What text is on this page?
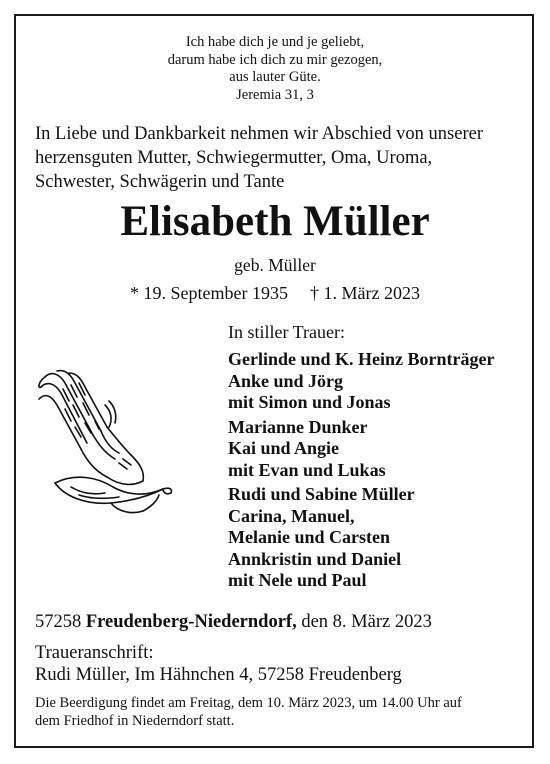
Ich habe dich je und je geliebt,
darum habe ich dich zu mir gezogen,
aus lauter Güte.
Jeremia 31, 3
In Liebe und Dankbarkeit nehmen wir Abschied von unserer
herzensguten Mutter, Schwiegermutter, Oma, Uroma,
Schwester, Schwägerin und Tante
Elisabeth Müller
geb. Müller
* 19. September 1935 † 1. März 2023
In stiller Trauer:
Gerlinde und K. Heinz Bornträger
Anke und Jörg
mit Simon und Jonas
Marianne Dunker
Kai und Angie
mit Evan und Lukas
Rudi und Sabine Müller
Carina, Manuel,
Melanie und Carsten
Annkristin und Daniel
mit Nele und Paul
57258 Freudenberg-Niederndorf, den 8. März 2023
Traueranschrift:
Rudi Müller, Im Hähnchen 4, 57258 Freudenberg
Die Beerdigung findet am Freitag, dem 10. März 2023, um 14.00 Uhr auf
dem Friedhof in Niederndorf statt.
